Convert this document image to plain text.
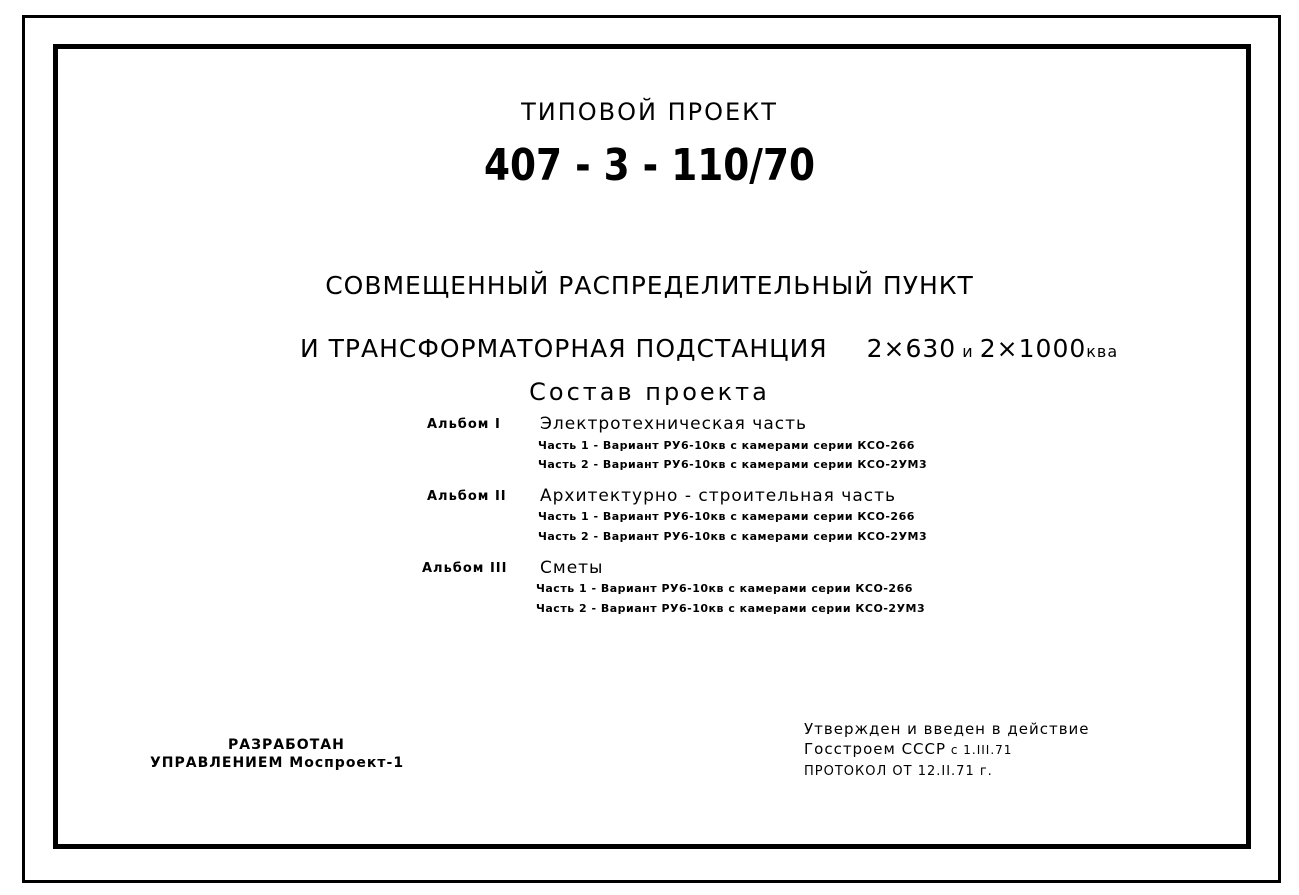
ТИПОВОЙ ПРОЕКТ
407 - 3 - 110/70
СОВМЕЩЕННЫЙ РАСПРЕДЕЛИТЕЛЬНЫЙ ПУНКТ
И ТРАНСФОРМАТОРНАЯ ПОДСТАНЦИЯ 2×630 и 2×1000ква
Состав проекта
Альбом I Электротехническая часть
Часть 1 - Вариант РУ6-10кв с камерами серии КСО-266
Часть 2 - Вариант РУ6-10кв с камерами серии КСО-2УМ3
Альбом II Архитектурно - строительная часть
Часть 1 - Вариант РУ6-10кв с камерами серии КСО-266
Часть 2 - Вариант РУ6-10кв с камерами серии КСО-2УМ3
Альбом III Сметы
Часть 1 - Вариант РУ6-10кв с камерами серии КСО-266
Часть 2 - Вариант РУ6-10кв с камерами серии КСО-2УМ3
РАЗРАБОТАН
УПРАВЛЕНИЕМ Моспроект-1
Утвержден и введен в действие
Госстроем СССР с 1.III.71
ПРОТОКОЛ ОТ 12.II.71 г.
